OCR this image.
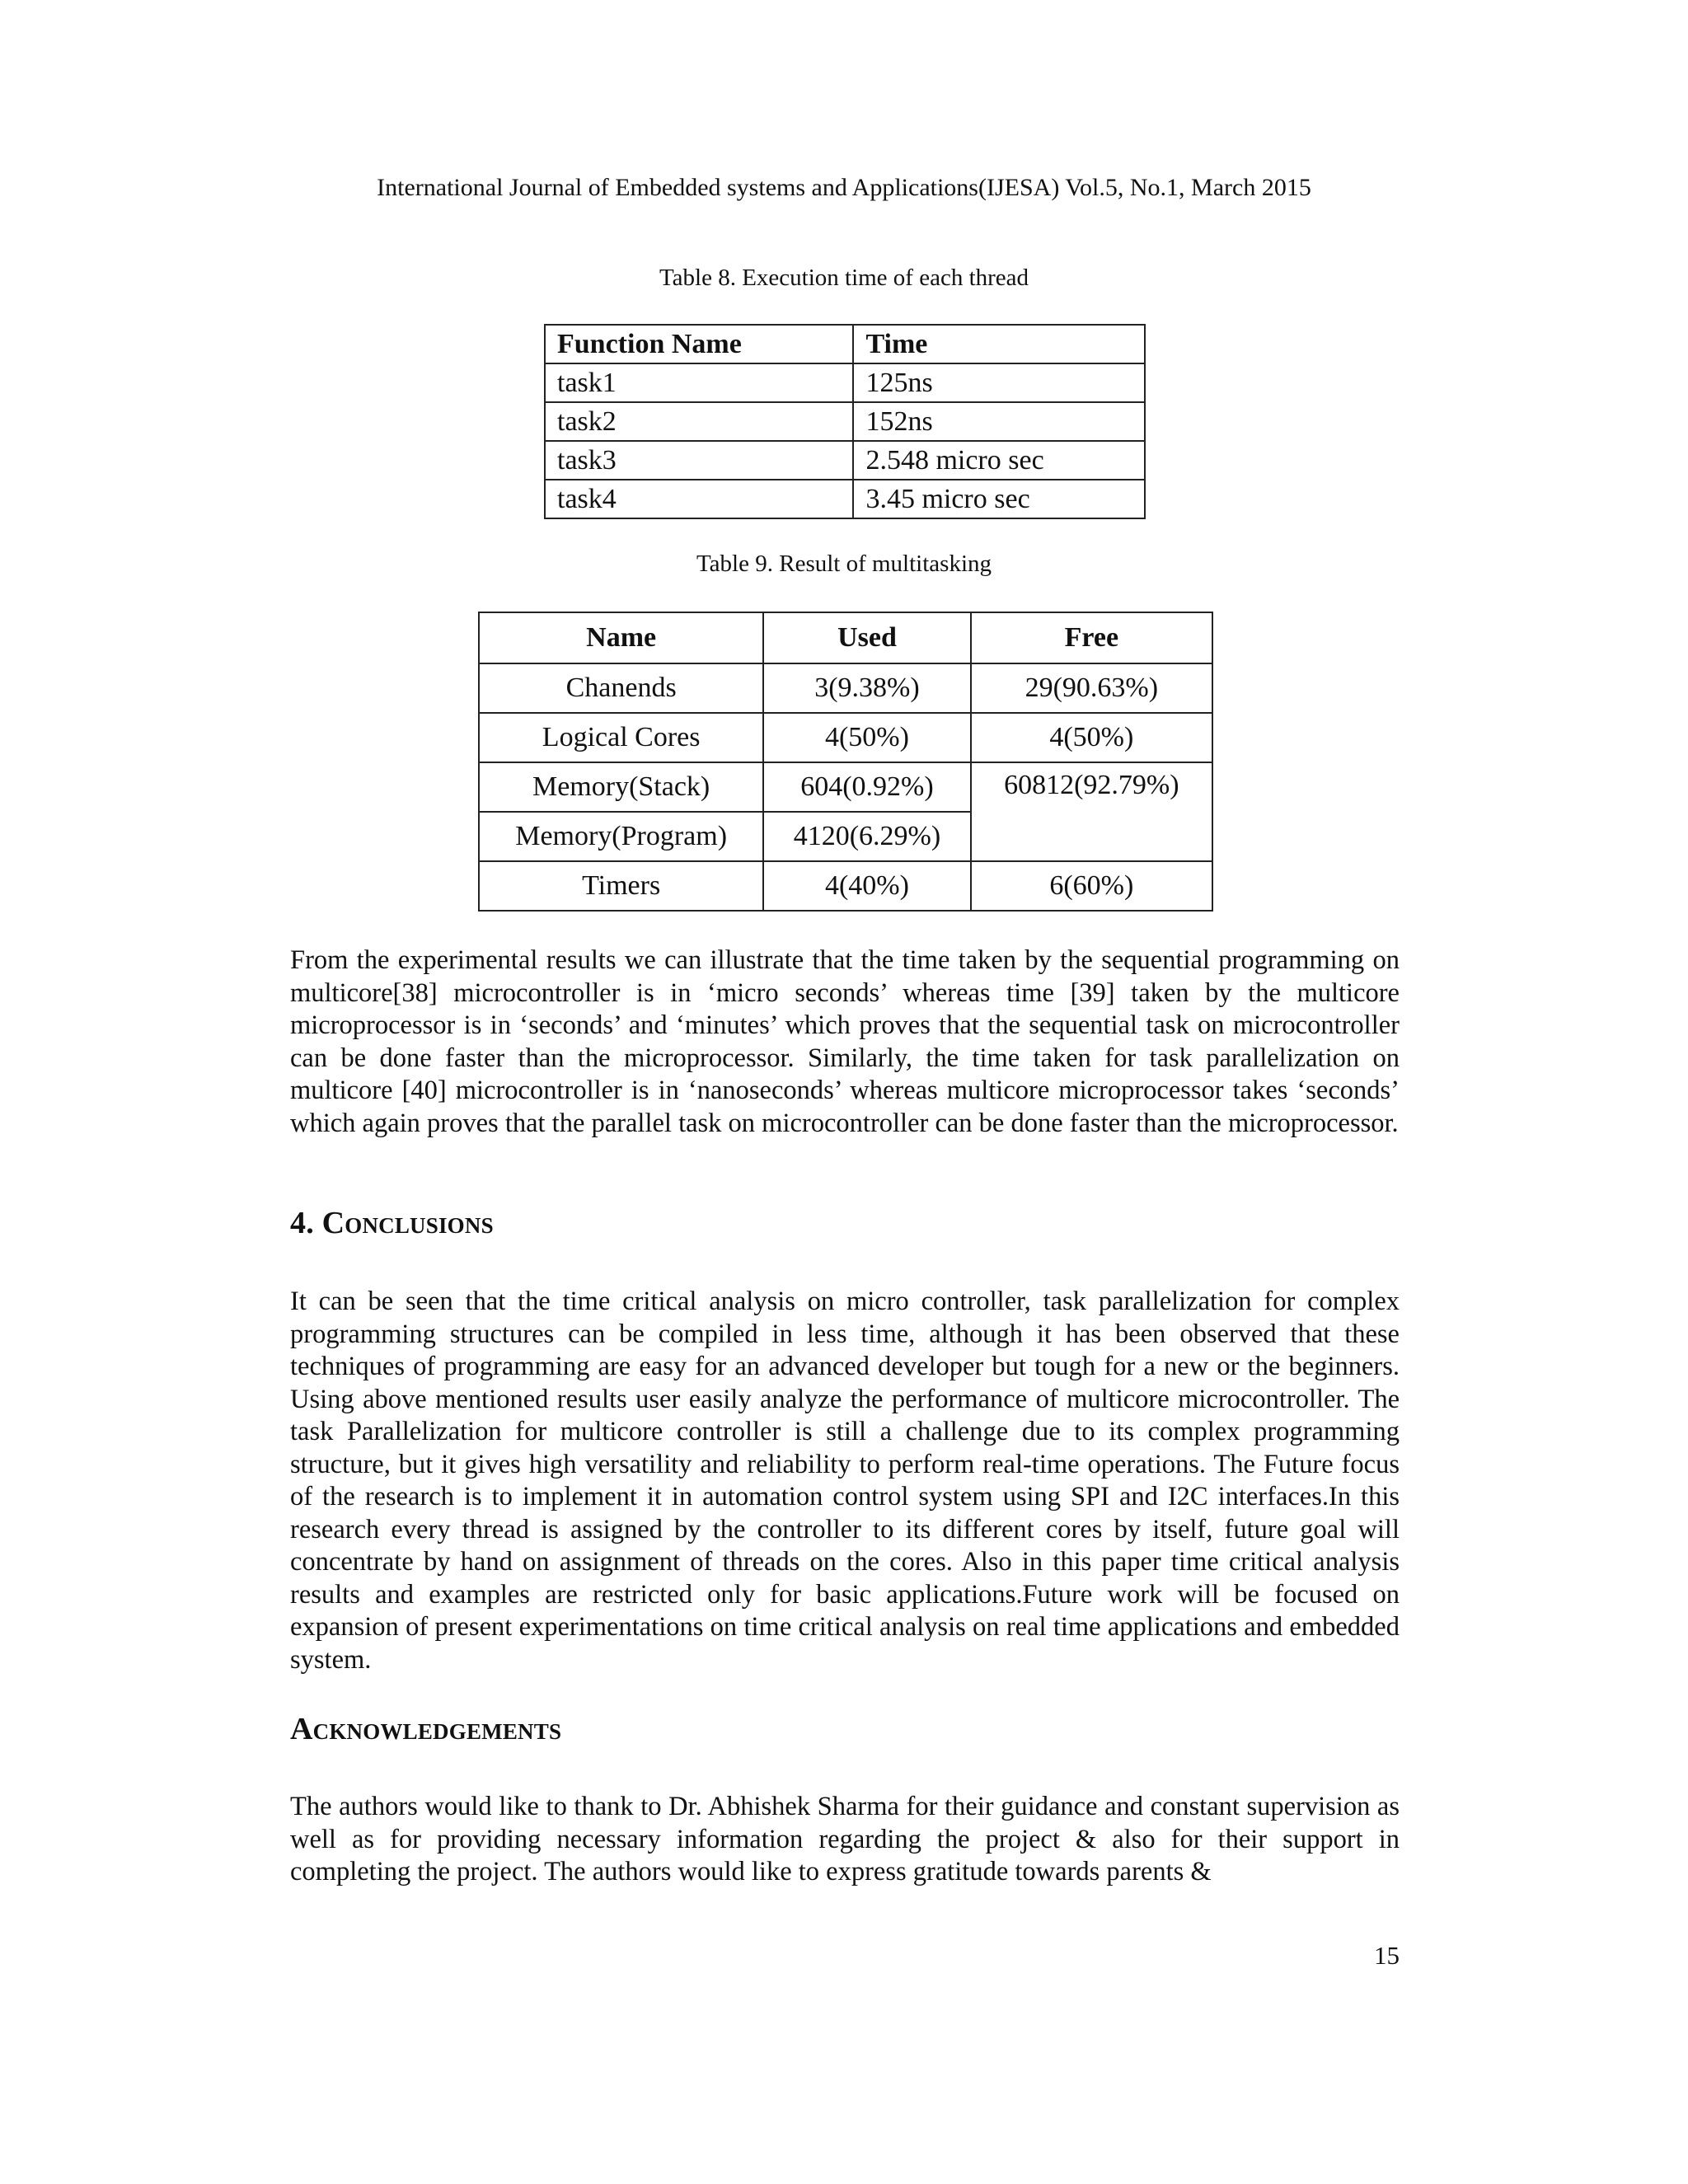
International Journal of Embedded systems and Applications(IJESA) Vol.5, No.1, March 2015
Table 8. Execution time of each thread
Function Name	Time
task1	125ns
task2	152ns
task3	2.548 micro sec
task4	3.45 micro sec
Table 9. Result of multitasking
Name	Used	Free
Chanends	3(9.38%)	29(90.63%)
Logical Cores	4(50%)	4(50%)
Memory(Stack)	604(0.92%)	60812(92.79%)
Memory(Program)	4120(6.29%)	
Timers	4(40%)	6(60%)

From the experimental results we can illustrate that the time taken by the sequential programming on multicore[38] microcontroller is in ‘micro seconds’ whereas time [39] taken by the multicore microprocessor is in ‘seconds’ and ‘minutes’ which proves that the sequential task on microcontroller can be done faster than the microprocessor. Similarly, the time taken for task parallelization on multicore [40] microcontroller is in ‘nanoseconds’ whereas multicore microprocessor takes ‘seconds’ which again proves that the parallel task on microcontroller can be done faster than the microprocessor.

4. Conclusions

It can be seen that the time critical analysis on micro controller, task parallelization for complex programming structures can be compiled in less time, although it has been observed that these techniques of programming are easy for an advanced developer but tough for a new or the beginners. Using above mentioned results user easily analyze the performance of multicore microcontroller. The task Parallelization for multicore controller is still a challenge due to its complex programming structure, but it gives high versatility and reliability to perform real-time operations. The Future focus of the research is to implement it in automation control system using SPI and I2C interfaces.In this research every thread is assigned by the controller to its different cores by itself, future goal will concentrate by hand on assignment of threads on the cores. Also in this paper time critical analysis results and examples are restricted only for basic applications.Future work will be focused on expansion of present experimentations on time critical analysis on real time applications and embedded system.

Acknowledgements

The authors would like to thank to Dr. Abhishek Sharma for their guidance and constant supervision as well as for providing necessary information regarding the project & also for their support in completing the project. The authors would like to express gratitude towards parents &

15
